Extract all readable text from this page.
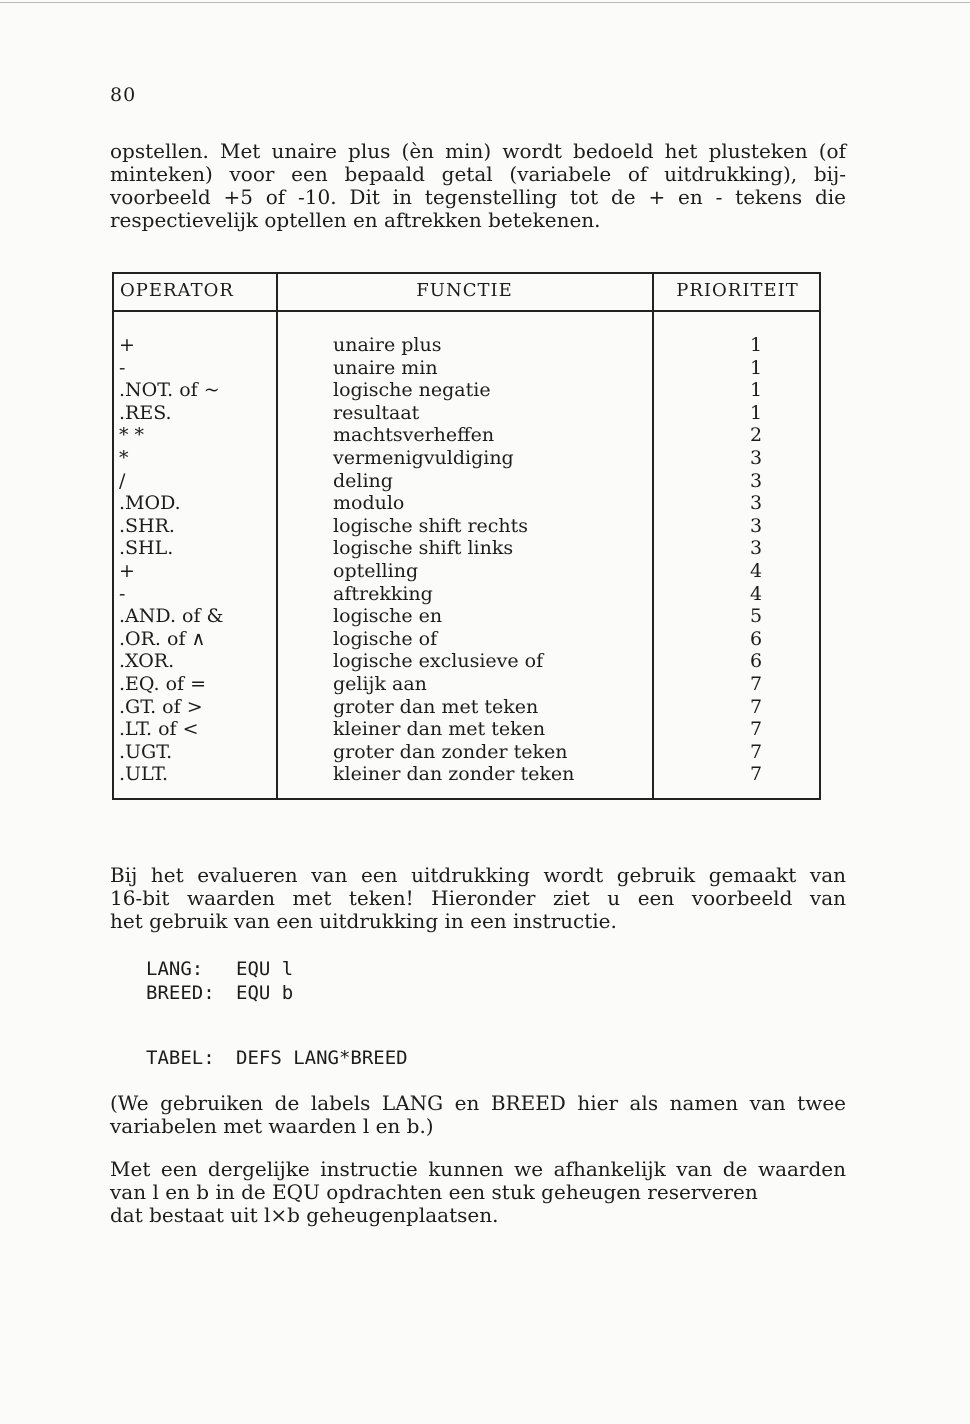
80
opstellen. Met unaire plus (èn min) wordt bedoeld het plusteken (of
minteken) voor een bepaald getal (variabele of uitdrukking), bij-
voorbeeld +5 of -10. Dit in tegenstelling tot de + en - tekens die
respectievelijk optellen en aftrekken betekenen.
OPERATOR	FUNCTIE	PRIORITEIT
+	unaire plus	1
-	unaire min	1
.NOT. of ~	logische negatie	1
.RES.	resultaat	1
* *	machtsverheffen	2
*	vermenigvuldiging	3
/	deling	3
.MOD.	modulo	3
.SHR.	logische shift rechts	3
.SHL.	logische shift links	3
+	optelling	4
-	aftrekking	4
.AND. of &	logische en	5
.OR. of ∧	logische of	6
.XOR.	logische exclusieve of	6
.EQ. of =	gelijk aan	7
.GT. of >	groter dan met teken	7
.LT. of <	kleiner dan met teken	7
.UGT.	groter dan zonder teken	7
.ULT.	kleiner dan zonder teken	7
Bij het evalueren van een uitdrukking wordt gebruik gemaakt van
16-bit waarden met teken! Hieronder ziet u een voorbeeld van
het gebruik van een uitdrukking in een instructie.
LANG: EQU l
BREED: EQU b
TABEL: DEFS LANG*BREED
(We gebruiken de labels LANG en BREED hier als namen van twee
variabelen met waarden l en b.)
Met een dergelijke instructie kunnen we afhankelijk van de waarden
van l en b in de EQU opdrachten een stuk geheugen reserveren
dat bestaat uit l×b geheugenplaatsen.
